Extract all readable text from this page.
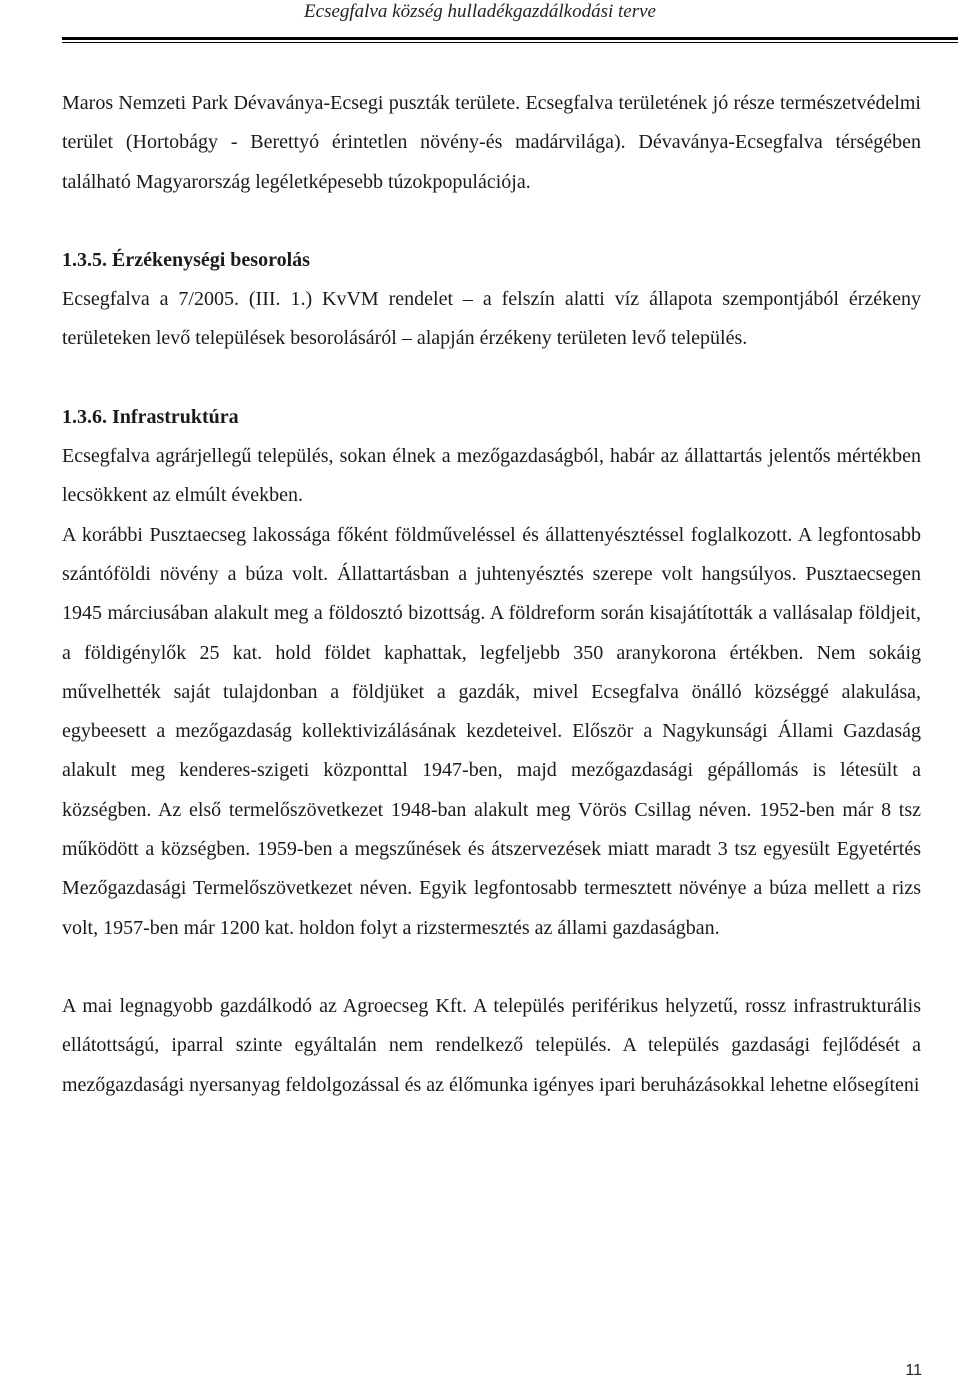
Ecsegfalva község hulladékgazdálkodási terve

Maros Nemzeti Park Dévaványa-Ecsegi puszták területe. Ecsegfalva területének jó része természetvédelmi terület (Hortobágy - Berettyó érintetlen növény-és madárvilága). Dévaványa-Ecsegfalva térségében található Magyarország legéletképesebb túzokpopulációja.

1.3.5. Érzékenységi besorolás

Ecsegfalva a 7/2005. (III. 1.) KvVM rendelet – a felszín alatti víz állapota szempontjából érzékeny területeken levő települések besorolásáról – alapján érzékeny területen levő település.

1.3.6. Infrastruktúra

Ecsegfalva agrárjellegű település, sokan élnek a mezőgazdaságból, habár az állattartás jelentős mértékben lecsökkent az elmúlt években.

A korábbi Pusztaecseg lakossága főként földműveléssel és állattenyésztéssel foglalkozott. A legfontosabb szántóföldi növény a búza volt. Állattartásban a juhtenyésztés szerepe volt hangsúlyos. Pusztaecsegen 1945 márciusában alakult meg a földosztó bizottság. A földreform során kisajátították a vallásalap földjeit, a földigénylők 25 kat. hold földet kaphattak, legfeljebb 350 aranykorona értékben. Nem sokáig művelhették saját tulajdonban a földjüket a gazdák, mivel Ecsegfalva önálló községgé alakulása, egybeesett a mezőgazdaság kollektivizálásának kezdeteivel. Először a Nagykunsági Állami Gazdaság alakult meg kenderes-szigeti központtal 1947-ben, majd mezőgazdasági gépállomás is létesült a községben. Az első termelőszövetkezet 1948-ban alakult meg Vörös Csillag néven. 1952-ben már 8 tsz működött a községben. 1959-ben a megszűnések és átszervezések miatt maradt 3 tsz egyesült Egyetértés Mezőgazdasági Termelőszövetkezet néven. Egyik legfontosabb termesztett növénye a búza mellett a rizs volt, 1957-ben már 1200 kat. holdon folyt a rizstermesztés az állami gazdaságban.

A mai legnagyobb gazdálkodó az Agroecseg Kft. A település periférikus helyzetű, rossz infrastrukturális ellátottságú, iparral szinte egyáltalán nem rendelkező település. A település gazdasági fejlődését a mezőgazdasági nyersanyag feldolgozással és az élőmunka igényes ipari beruházásokkal lehetne elősegíteni

11
